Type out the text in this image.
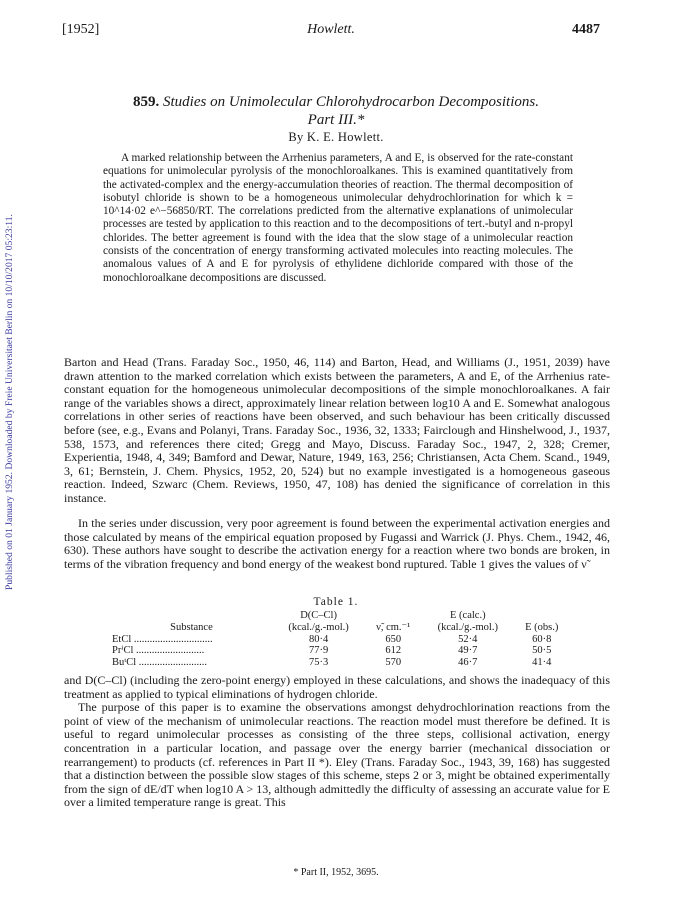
Published on 01 January 1952. Downloaded by Freie Universitaet Berlin on 10/10/2017 05:23:11.
[1952]	Howlett.	4487
859. Studies on Unimolecular Chlorohydrocarbon Decompositions.
Part III.*
By K. E. Howlett.

A marked relationship between the Arrhenius parameters, A and E, is observed for the rate-constant equations for unimolecular pyrolysis of the monochloroalkanes. This is examined quantitatively from the activated-complex and the energy-accumulation theories of reaction. The thermal decomposition of isobutyl chloride is shown to be a homogeneous unimolecular dehydrochlorination for which k = 10^14·02 e^−56850/RT. The correlations predicted from the alternative explanations of unimolecular processes are tested by application to this reaction and to the decompositions of tert.-butyl and n-propyl chlorides. The better agreement is found with the idea that the slow stage of a unimolecular reaction consists of the concentration of energy transforming activated molecules into reacting molecules. The anomalous values of A and E for pyrolysis of ethylidene dichloride compared with those of the monochloroalkane decompositions are discussed.

Barton and Head (Trans. Faraday Soc., 1950, 46, 114) and Barton, Head, and Williams (J., 1951, 2039) have drawn attention to the marked correlation which exists between the parameters, A and E, of the Arrhenius rate-constant equation for the homogeneous unimolecular decompositions of the simple monochloroalkanes. A fair range of the variables shows a direct, approximately linear relation between log10 A and E. Somewhat analogous correlations in other series of reactions have been observed, and such behaviour has been critically discussed before (see, e.g., Evans and Polanyi, Trans. Faraday Soc., 1936, 32, 1333; Fairclough and Hinshelwood, J., 1937, 538, 1573, and references there cited; Gregg and Mayo, Discuss. Faraday Soc., 1947, 2, 328; Cremer, Experientia, 1948, 4, 349; Bamford and Dewar, Nature, 1949, 163, 256; Christiansen, Acta Chem. Scand., 1949, 3, 61; Bernstein, J. Chem. Physics, 1952, 20, 524) but no example investigated is a homogeneous gaseous reaction. Indeed, Szwarc (Chem. Reviews, 1950, 47, 108) has denied the significance of correlation in this instance.

In the series under discussion, very poor agreement is found between the experimental activation energies and those calculated by means of the empirical equation proposed by Fugassi and Warrick (J. Phys. Chem., 1942, 46, 630). These authors have sought to describe the activation energy for a reaction where two bonds are broken, in terms of the vibration frequency and bond energy of the weakest bond ruptured. Table 1 gives the values of ν̃

Table 1.
	D(C–Cl)		E (calc.)	
Substance	(kcal./g.-mol.)	ν̃, cm.⁻¹	(kcal./g.-mol.)	E (obs.)
EtCl ..............................	80·4	650	52·4	60·8
PrⁱCl ..........................	77·9	612	49·7	50·5
BuᵗCl ..........................	75·3	570	46·7	41·4

and D(C–Cl) (including the zero-point energy) employed in these calculations, and shows the inadequacy of this treatment as applied to typical eliminations of hydrogen chloride.

The purpose of this paper is to examine the observations amongst dehydrochlorination reactions from the point of view of the mechanism of unimolecular reactions. The reaction model must therefore be defined. It is useful to regard unimolecular processes as consisting of the three steps, collisional activation, energy concentration in a particular location, and passage over the energy barrier (mechanical dissociation or rearrangement) to products (cf. references in Part II *). Eley (Trans. Faraday Soc., 1943, 39, 168) has suggested that a distinction between the possible slow stages of this scheme, steps 2 or 3, might be obtained experimentally from the sign of dE/dT when log10 A > 13, although admittedly the difficulty of assessing an accurate value for E over a limited temperature range is great. This

* Part II, 1952, 3695.
